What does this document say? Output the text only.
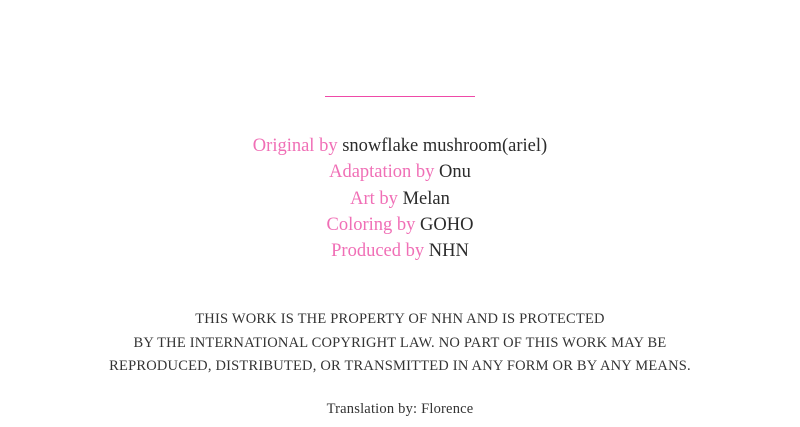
Original by snowflake mushroom(ariel)
Adaptation by Onu
Art by Melan
Coloring by GOHO
Produced by NHN
THIS WORK IS THE PROPERTY OF NHN AND IS PROTECTED
BY THE INTERNATIONAL COPYRIGHT LAW. NO PART OF THIS WORK MAY BE
REPRODUCED, DISTRIBUTED, OR TRANSMITTED IN ANY FORM OR BY ANY MEANS.
Translation by: Florence
